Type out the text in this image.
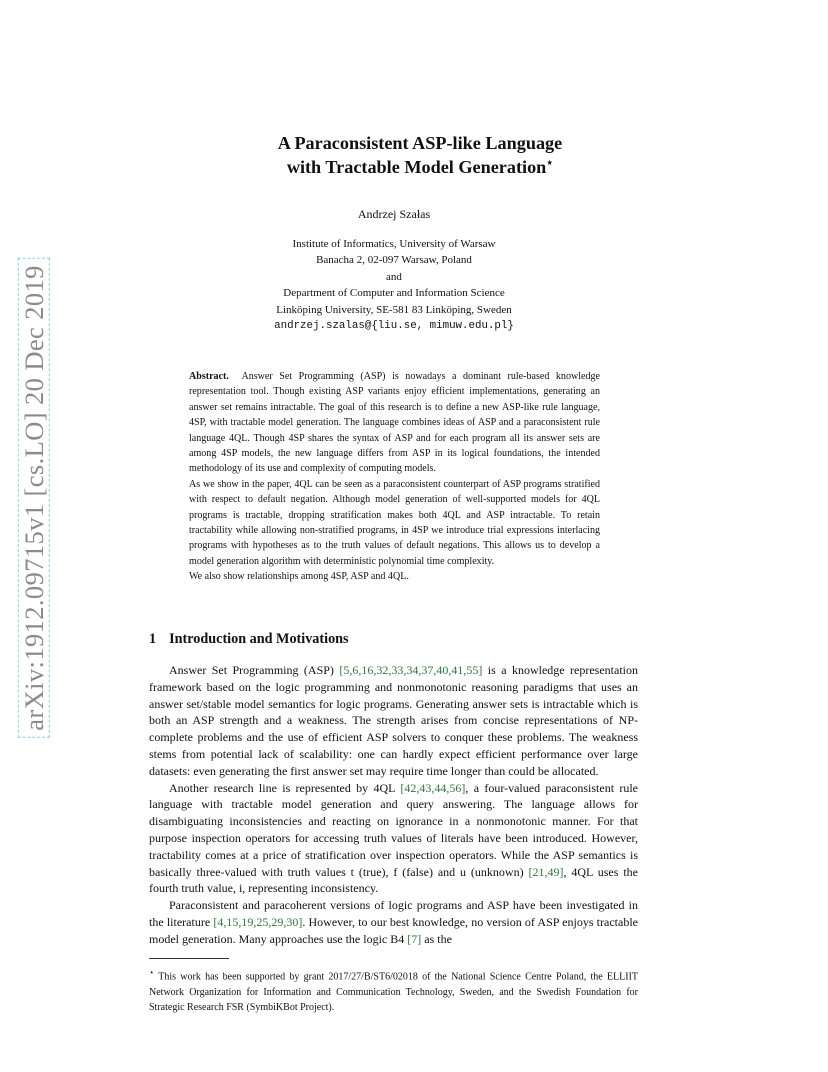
arXiv:1912.09715v1 [cs.LO] 20 Dec 2019
A Paraconsistent ASP-like Language
with Tractable Model Generation⋆
Andrzej Szałas
Institute of Informatics, University of Warsaw
Banacha 2, 02-097 Warsaw, Poland
and
Department of Computer and Information Science
Linköping University, SE-581 83 Linköping, Sweden
andrzej.szalas@{liu.se, mimuw.edu.pl}

Abstract. Answer Set Programming (ASP) is nowadays a dominant rule-based knowledge representation tool. Though existing ASP variants enjoy efficient implementations, generating an answer set remains intractable. The goal of this research is to define a new ASP-like rule language, 4SP, with tractable model generation. The language combines ideas of ASP and a paraconsistent rule language 4QL. Though 4SP shares the syntax of ASP and for each program all its answer sets are among 4SP models, the new language differs from ASP in its logical foundations, the intended methodology of its use and complexity of computing models.

As we show in the paper, 4QL can be seen as a paraconsistent counterpart of ASP programs stratified with respect to default negation. Although model generation of well-supported models for 4QL programs is tractable, dropping stratification makes both 4QL and ASP intractable. To retain tractability while allowing non-stratified programs, in 4SP we introduce trial expressions interlacing programs with hypotheses as to the truth values of default negations. This allows us to develop a model generation algorithm with deterministic polynomial time complexity.

We also show relationships among 4SP, ASP and 4QL.

1 Introduction and Motivations

Answer Set Programming (ASP) [5,6,16,32,33,34,37,40,41,55] is a knowledge representation framework based on the logic programming and nonmonotonic reasoning paradigms that uses an answer set/stable model semantics for logic programs. Generating answer sets is intractable which is both an ASP strength and a weakness. The strength arises from concise representations of NP-complete problems and the use of efficient ASP solvers to conquer these problems. The weakness stems from potential lack of scalability: one can hardly expect efficient performance over large datasets: even generating the first answer set may require time longer than could be allocated.

Another research line is represented by 4QL [42,43,44,56], a four-valued paraconsistent rule language with tractable model generation and query answering. The language allows for disambiguating inconsistencies and reacting on ignorance in a nonmonotonic manner. For that purpose inspection operators for accessing truth values of literals have been introduced. However, tractability comes at a price of stratification over inspection operators. While the ASP semantics is basically three-valued with truth values t (true), f (false) and u (unknown) [21,49], 4QL uses the fourth truth value, i, representing inconsistency.

Paraconsistent and paracoherent versions of logic programs and ASP have been investigated in the literature [4,15,19,25,29,30]. However, to our best knowledge, no version of ASP enjoys tractable model generation. Many approaches use the logic B4 [7] as the

⋆ This work has been supported by grant 2017/27/B/ST6/02018 of the National Science Centre Poland, the ELLIIT Network Organization for Information and Communication Technology, Sweden, and the Swedish Foundation for Strategic Research FSR (SymbiKBot Project).
